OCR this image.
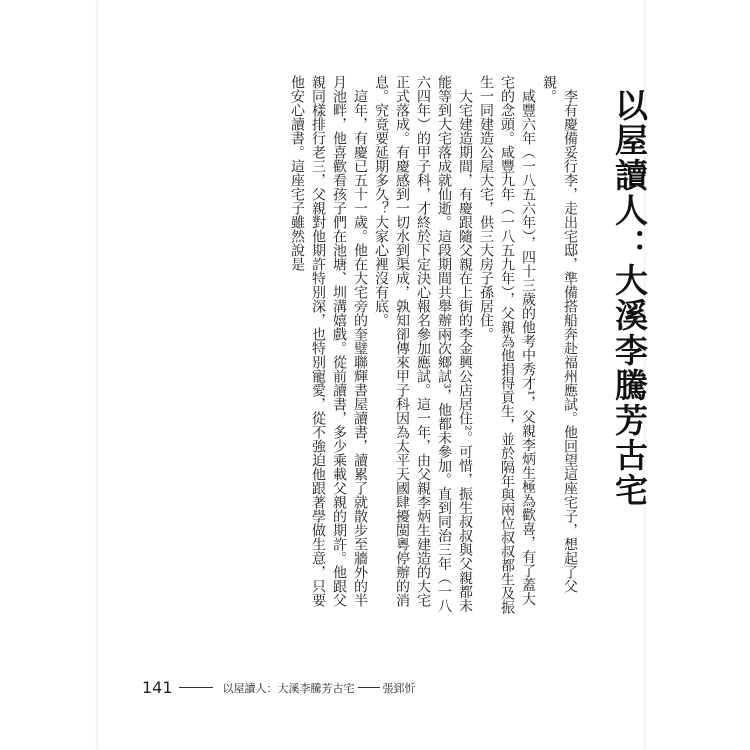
以屋讀人：大溪李騰芳古宅

李有慶備妥行李，走出宅邸，準備搭船奔赴福州應試。他回望這座宅子，想起了父親。

咸豐六年（一八五六年），四十三歲的他考中秀才¹，父親李炳生極為歡喜，有了蓋大宅的念頭。咸豐九年（一八五九年），父親為他捐得貢生，並於隔年與兩位叔叔都生及振生一同建造公屋大宅，供三大房子孫居住。

大宅建造期間，有慶跟隨父親在上街的李金興公店居住²。可惜，振生叔叔與父親都未能等到大宅落成就仙逝。這段期間共舉辦兩次鄉試³，他都未參加。直到同治三年（一八六四年）的甲子科，才終於下定決心報名參加應試。這一年，由父親李炳生建造的大宅正式落成。有慶感到一切水到渠成，孰知卻傳來甲子科因為太平天國肆擾閩粵停辦的消息。究竟要延期多久？大家心裡沒有底。

這年，有慶已五十一歲。他在大宅旁的奎璧聯輝書屋讀書，讀累了就散步至牆外的半月池畔，他喜歡看孩子們在池塘、圳溝嬉戲。從前讀書，多少乘載父親的期許。他跟父親同樣排行老三，父親對他期許特別深，也特別寵愛，從不強迫他跟著學做生意，只要他安心讀書。這座宅子雖然說是

141	以屋讀人：大溪李騰芳古宅	張郅忻
